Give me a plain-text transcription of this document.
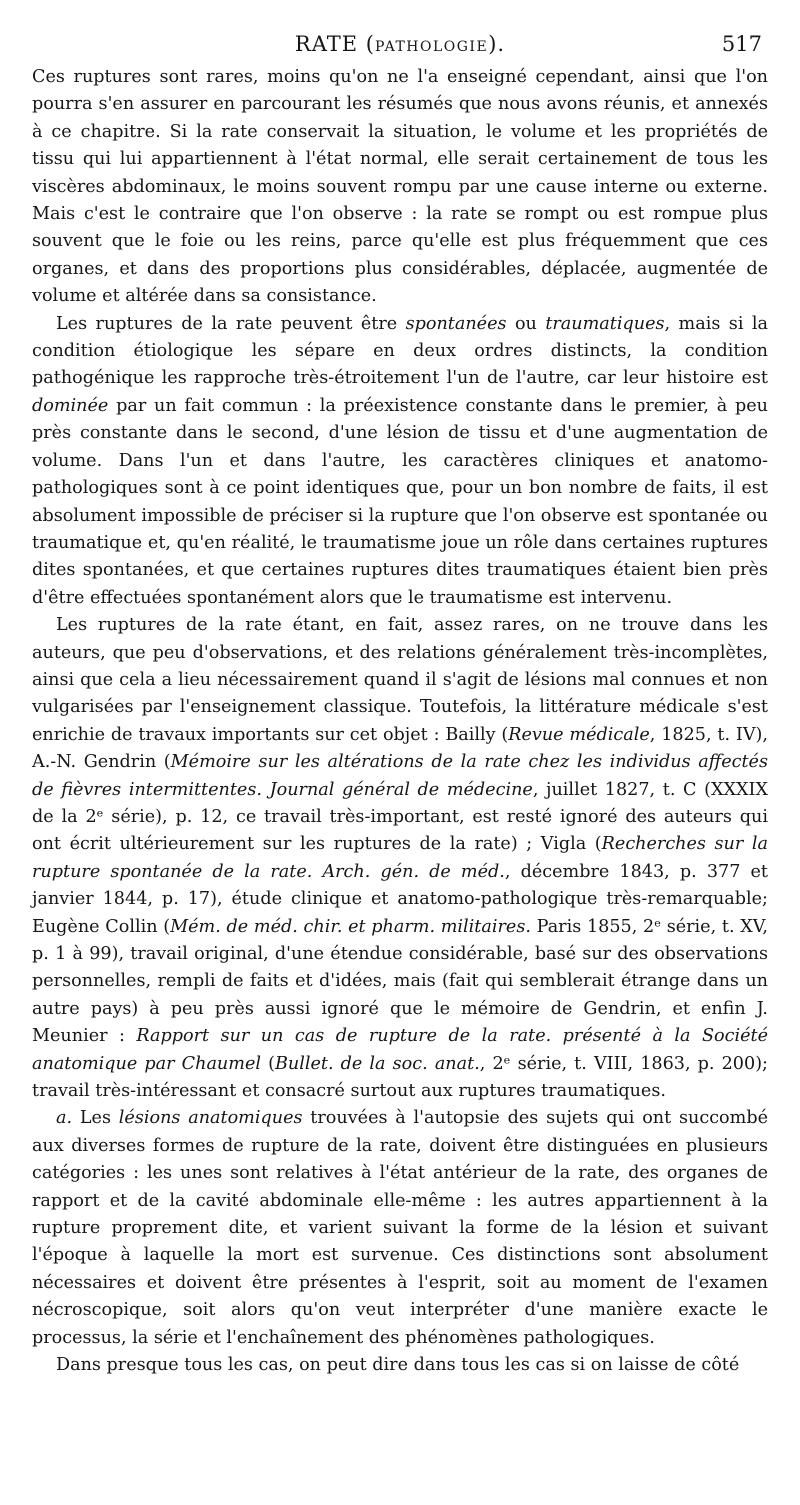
RATE (PATHOLOGIE).	517

Ces ruptures sont rares, moins qu'on ne l'a enseigné cependant, ainsi que l'on pourra s'en assurer en parcourant les résumés que nous avons réunis, et annexés à ce chapitre. Si la rate conservait la situation, le volume et les propriétés de tissu qui lui appartiennent à l'état normal, elle serait certainement de tous les viscères abdominaux, le moins souvent rompu par une cause interne ou externe. Mais c'est le contraire que l'on observe : la rate se rompt ou est rompue plus souvent que le foie ou les reins, parce qu'elle est plus fréquemment que ces organes, et dans des proportions plus considérables, déplacée, augmentée de volume et altérée dans sa consistance.

Les ruptures de la rate peuvent être spontanées ou traumatiques, mais si la condition étiologique les sépare en deux ordres distincts, la condition pathogénique les rapproche très-étroitement l'un de l'autre, car leur histoire est dominée par un fait commun : la préexistence constante dans le premier, à peu près constante dans le second, d'une lésion de tissu et d'une augmentation de volume. Dans l'un et dans l'autre, les caractères cliniques et anatomo-pathologiques sont à ce point identiques que, pour un bon nombre de faits, il est absolument impossible de préciser si la rupture que l'on observe est spontanée ou traumatique et, qu'en réalité, le traumatisme joue un rôle dans certaines ruptures dites spontanées, et que certaines ruptures dites traumatiques étaient bien près d'être effectuées spontanément alors que le traumatisme est intervenu.

Les ruptures de la rate étant, en fait, assez rares, on ne trouve dans les auteurs, que peu d'observations, et des relations généralement très-incomplètes, ainsi que cela a lieu nécessairement quand il s'agit de lésions mal connues et non vulgarisées par l'enseignement classique. Toutefois, la littérature médicale s'est enrichie de travaux importants sur cet objet : Bailly (Revue médicale, 1825, t. IV), A.-N. Gendrin (Mémoire sur les altérations de la rate chez les individus affectés de fièvres intermittentes. Journal général de médecine, juillet 1827, t. C (XXXIX de la 2ᵉ série), p. 12, ce travail très-important, est resté ignoré des auteurs qui ont écrit ultérieurement sur les ruptures de la rate) ; Vigla (Recherches sur la rupture spontanée de la rate. Arch. gén. de méd., décembre 1843, p. 377 et janvier 1844, p. 17), étude clinique et anatomo-pathologique très-remarquable; Eugène Collin (Mém. de méd. chir. et pharm. militaires. Paris 1855, 2ᵉ série, t. XV, p. 1 à 99), travail original, d'une étendue considérable, basé sur des observations personnelles, rempli de faits et d'idées, mais (fait qui semblerait étrange dans un autre pays) à peu près aussi ignoré que le mémoire de Gendrin, et enfin J. Meunier : Rapport sur un cas de rupture de la rate. présenté à la Société anatomique par Chaumel (Bullet. de la soc. anat., 2ᵉ série, t. VIII, 1863, p. 200); travail très-intéressant et consacré surtout aux ruptures traumatiques.

a. Les lésions anatomiques trouvées à l'autopsie des sujets qui ont succombé aux diverses formes de rupture de la rate, doivent être distinguées en plusieurs catégories : les unes sont relatives à l'état antérieur de la rate, des organes de rapport et de la cavité abdominale elle-même : les autres appartiennent à la rupture proprement dite, et varient suivant la forme de la lésion et suivant l'époque à laquelle la mort est survenue. Ces distinctions sont absolument nécessaires et doivent être présentes à l'esprit, soit au moment de l'examen nécroscopique, soit alors qu'on veut interpréter d'une manière exacte le processus, la série et l'enchaînement des phénomènes pathologiques.

Dans presque tous les cas, on peut dire dans tous les cas si on laisse de côté
